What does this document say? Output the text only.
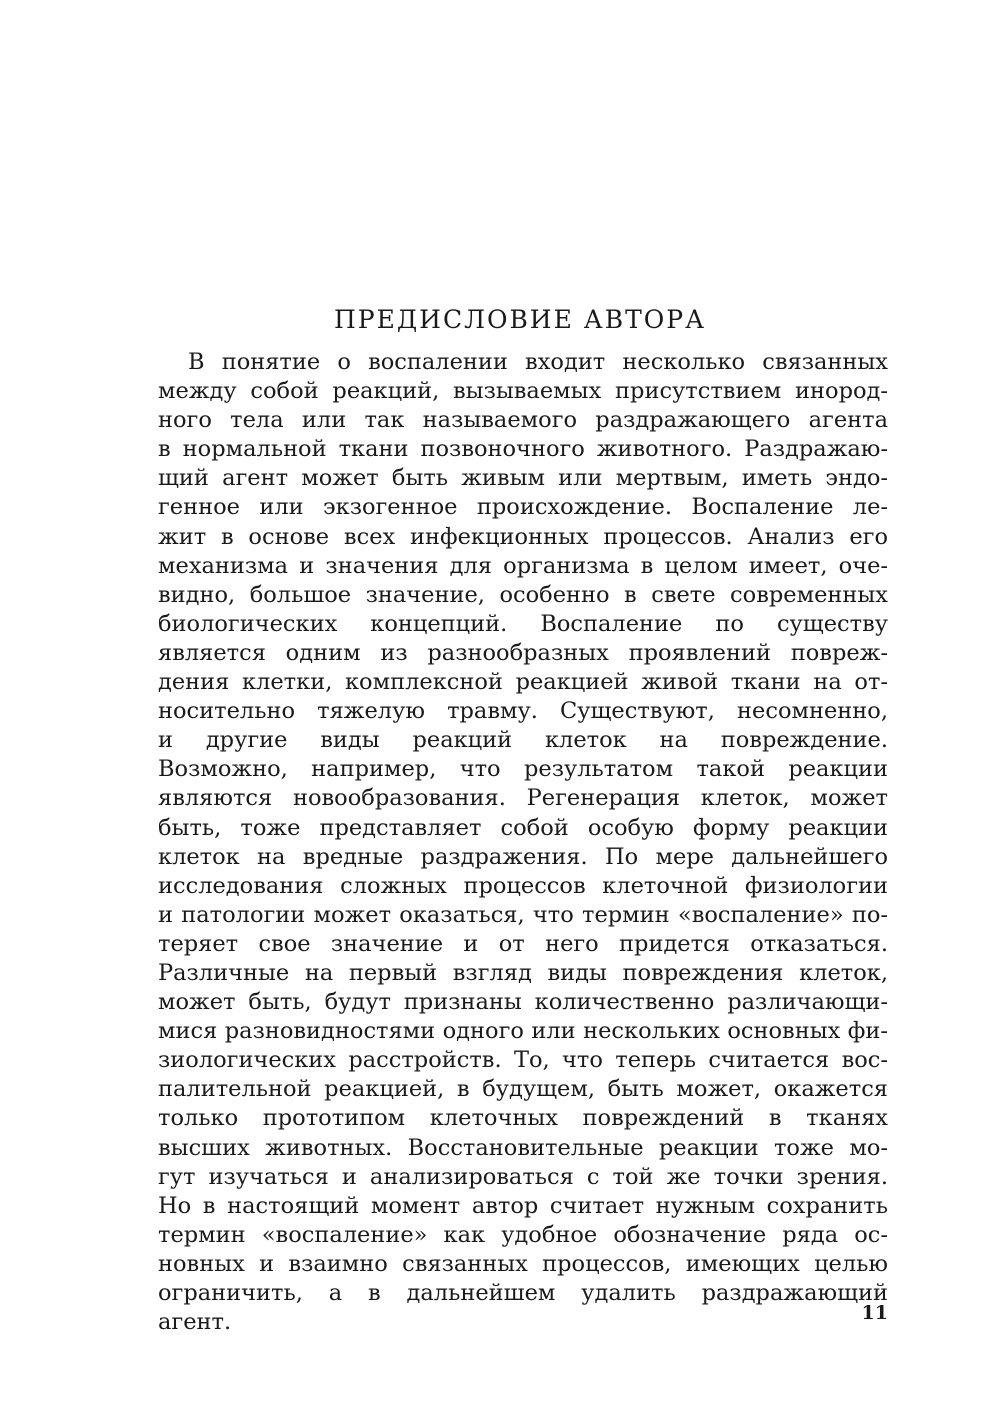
ПРЕДИСЛОВИЕ АВТОРА
В понятие о воспалении входит несколько связанных
между собой реакций, вызываемых присутствием инород-
ного тела или так называемого раздражающего агента
в нормальной ткани позвоночного животного. Раздражаю-
щий агент может быть живым или мертвым, иметь эндо-
генное или экзогенное происхождение. Воспаление ле-
жит в основе всех инфекционных процессов. Анализ его
механизма и значения для организма в целом имеет, оче-
видно, большое значение, особенно в свете современных
биологических концепций. Воспаление по существу
является одним из разнообразных проявлений повреж-
дения клетки, комплексной реакцией живой ткани на от-
носительно тяжелую травму. Существуют, несомненно,
и другие виды реакций клеток на повреждение.
Возможно, например, что результатом такой реакции
являются новообразования. Регенерация клеток, может
быть, тоже представляет собой особую форму реакции
клеток на вредные раздражения. По мере дальнейшего
исследования сложных процессов клеточной физиологии
и патологии может оказаться, что термин «воспаление» по-
теряет свое значение и от него придется отказаться.
Различные на первый взгляд виды повреждения клеток,
может быть, будут признаны количественно различающи-
мися разновидностями одного или нескольких основных фи-
зиологических расстройств. То, что теперь считается вос-
палительной реакцией, в будущем, быть может, окажется
только прототипом клеточных повреждений в тканях
высших животных. Восстановительные реакции тоже мо-
гут изучаться и анализироваться с той же точки зрения.
Но в настоящий момент автор считает нужным сохранить
термин «воспаление» как удобное обозначение ряда ос-
новных и взаимно связанных процессов, имеющих целью
ограничить, а в дальнейшем удалить раздражающий
агент.	11
